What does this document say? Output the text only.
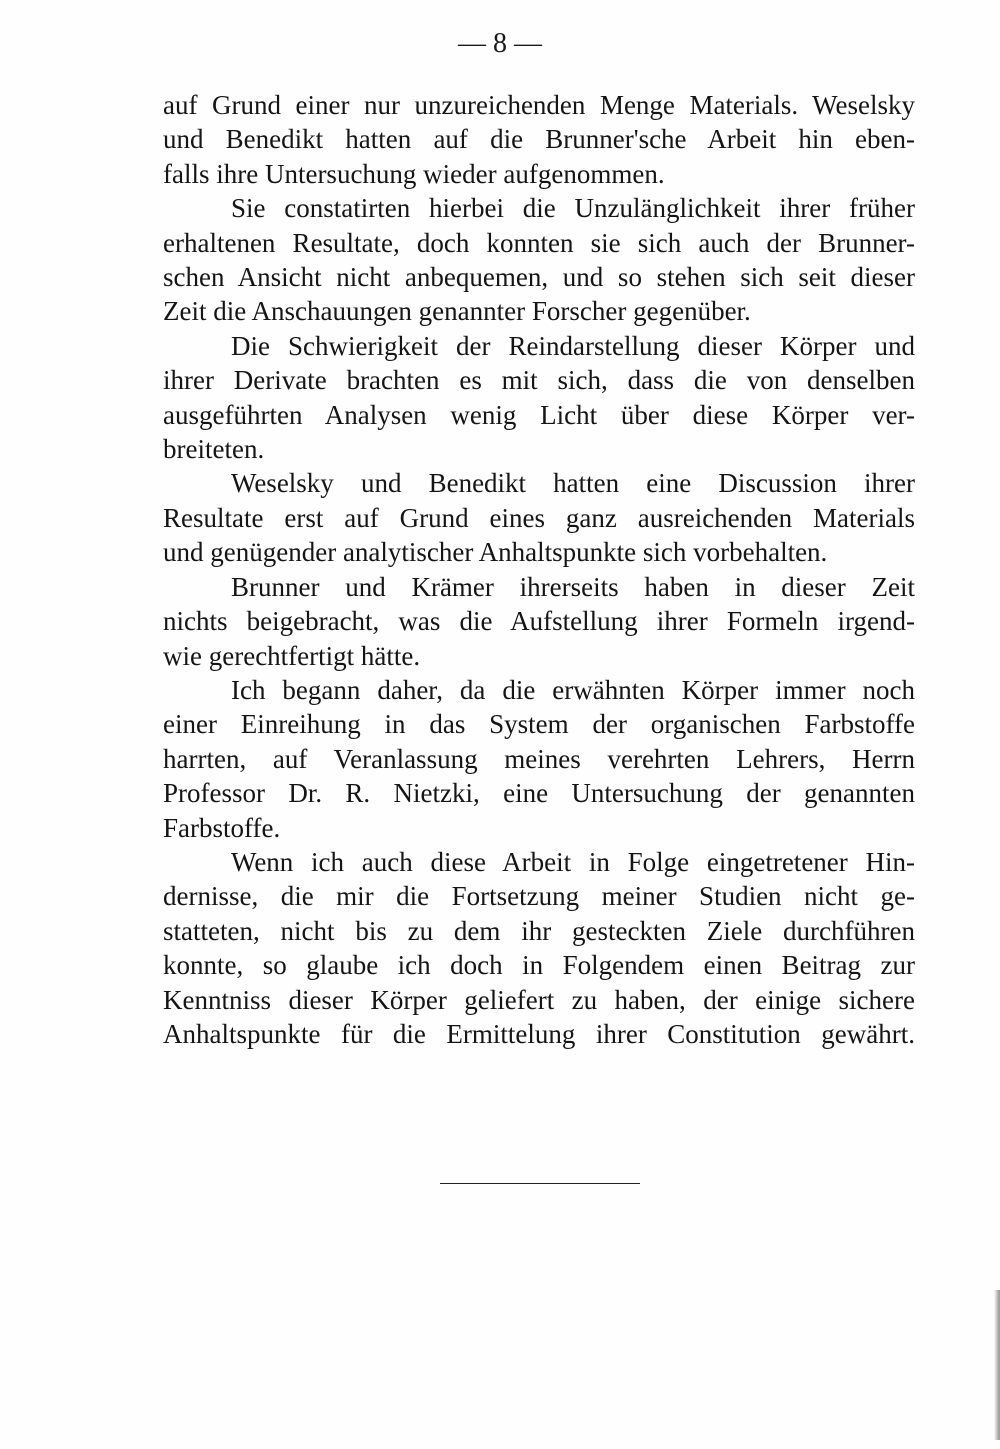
— 8 —

auf Grund einer nur unzureichenden Menge Materials. Weselsky
und Benedikt hatten auf die Brunner'sche Arbeit hin eben-
falls ihre Untersuchung wieder aufgenommen.

Sie constatirten hierbei die Unzulänglichkeit ihrer früher
erhaltenen Resultate, doch konnten sie sich auch der Brunner-
schen Ansicht nicht anbequemen, und so stehen sich seit dieser
Zeit die Anschauungen genannter Forscher gegenüber.

Die Schwierigkeit der Reindarstellung dieser Körper und
ihrer Derivate brachten es mit sich, dass die von denselben
ausgeführten Analysen wenig Licht über diese Körper ver-
breiteten.

Weselsky und Benedikt hatten eine Discussion ihrer
Resultate erst auf Grund eines ganz ausreichenden Materials
und genügender analytischer Anhaltspunkte sich vorbehalten.

Brunner und Krämer ihrerseits haben in dieser Zeit
nichts beigebracht, was die Aufstellung ihrer Formeln irgend-
wie gerechtfertigt hätte.

Ich begann daher, da die erwähnten Körper immer noch
einer Einreihung in das System der organischen Farbstoffe
harrten, auf Veranlassung meines verehrten Lehrers, Herrn
Professor Dr. R. Nietzki, eine Untersuchung der genannten
Farbstoffe.

Wenn ich auch diese Arbeit in Folge eingetretener Hin-
dernisse, die mir die Fortsetzung meiner Studien nicht ge-
statteten, nicht bis zu dem ihr gesteckten Ziele durchführen
konnte, so glaube ich doch in Folgendem einen Beitrag zur
Kenntniss dieser Körper geliefert zu haben, der einige sichere
Anhaltspunkte für die Ermittelung ihrer Constitution gewährt.
